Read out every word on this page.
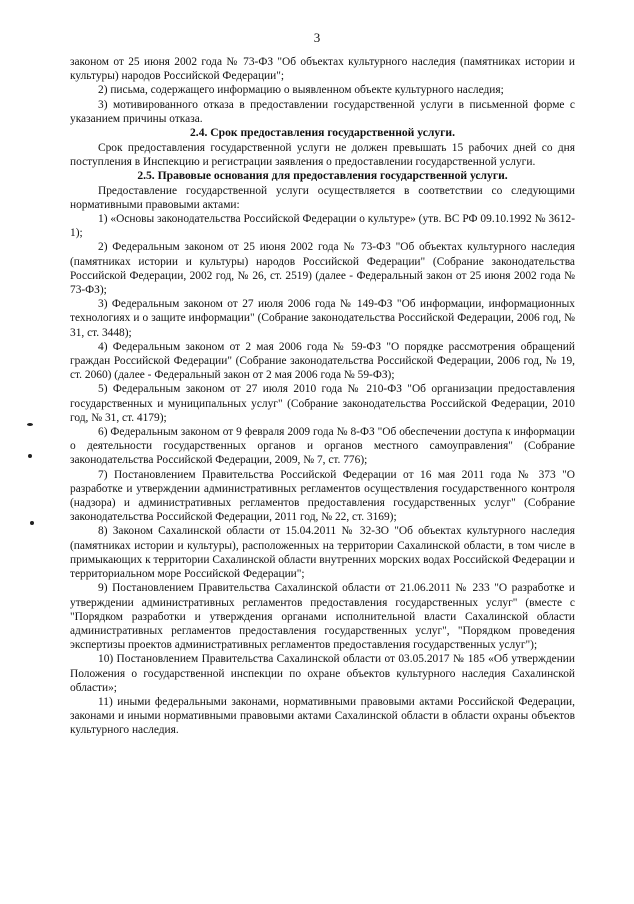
3

законом от 25 июня 2002 года № 73-ФЗ "Об объектах культурного наследия (памятниках истории и культуры) народов Российской Федерации";

2) письма, содержащего информацию о выявленном объекте культурного наследия;

3) мотивированного отказа в предоставлении государственной услуги в письменной форме с указанием причины отказа.

2.4. Срок предоставления государственной услуги.

Срок предоставления государственной услуги не должен превышать 15 рабочих дней со дня поступления в Инспекцию и регистрации заявления о предоставлении государственной услуги.

2.5. Правовые основания для предоставления государственной услуги.

Предоставление государственной услуги осуществляется в соответствии со следующими нормативными правовыми актами:

1) «Основы законодательства Российской Федерации о культуре» (утв. ВС РФ 09.10.1992 № 3612-1);

2) Федеральным законом от 25 июня 2002 года № 73-ФЗ "Об объектах культурного наследия (памятниках истории и культуры) народов Российской Федерации" (Собрание законодательства Российской Федерации, 2002 год, № 26, ст. 2519) (далее - Федеральный закон от 25 июня 2002 года № 73-ФЗ);

3) Федеральным законом от 27 июля 2006 года № 149-ФЗ "Об информации, информационных технологиях и о защите информации" (Собрание законодательства Российской Федерации, 2006 год, № 31, ст. 3448);

4) Федеральным законом от 2 мая 2006 года № 59-ФЗ "О порядке рассмотрения обращений граждан Российской Федерации" (Собрание законодательства Российской Федерации, 2006 год, № 19, ст. 2060) (далее - Федеральный закон от 2 мая 2006 года № 59-ФЗ);

5) Федеральным законом от 27 июля 2010 года № 210-ФЗ "Об организации предоставления государственных и муниципальных услуг" (Собрание законодательства Российской Федерации, 2010 год, № 31, ст. 4179);

6) Федеральным законом от 9 февраля 2009 года № 8-ФЗ "Об обеспечении доступа к информации о деятельности государственных органов и органов местного самоуправления" (Собрание законодательства Российской Федерации, 2009, № 7, ст. 776);

7) Постановлением Правительства Российской Федерации от 16 мая 2011 года № 373 "О разработке и утверждении административных регламентов осуществления государственного контроля (надзора) и административных регламентов предоставления государственных услуг" (Собрание законодательства Российской Федерации, 2011 год, № 22, ст. 3169);

8) Законом Сахалинской области от 15.04.2011 № 32-ЗО "Об объектах культурного наследия (памятниках истории и культуры), расположенных на территории Сахалинской области, в том числе в примыкающих к территории Сахалинской области внутренних морских водах Российской Федерации и территориальном море Российской Федерации";

9) Постановлением Правительства Сахалинской области от 21.06.2011 № 233 "О разработке и утверждении административных регламентов предоставления государственных услуг" (вместе с "Порядком разработки и утверждения органами исполнительной власти Сахалинской области административных регламентов предоставления государственных услуг", "Порядком проведения экспертизы проектов административных регламентов предоставления государственных услуг");

10) Постановлением Правительства Сахалинской области от 03.05.2017 № 185 «Об утверждении Положения о государственной инспекции по охране объектов культурного наследия Сахалинской области»;

11) иными федеральными законами, нормативными правовыми актами Российской Федерации, законами и иными нормативными правовыми актами Сахалинской области в области охраны объектов культурного наследия.
